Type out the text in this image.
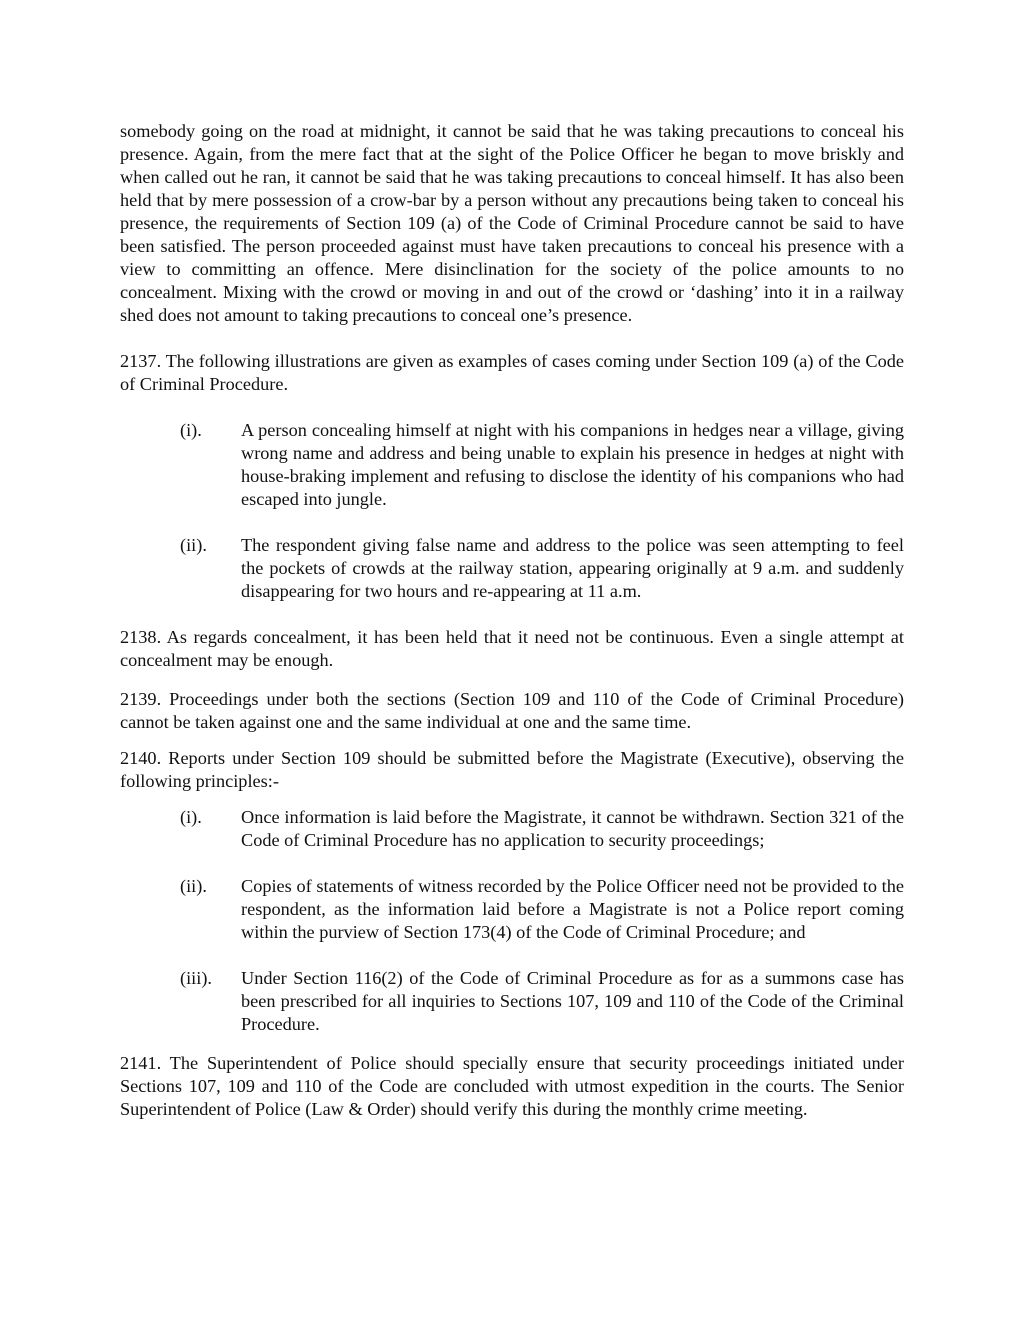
somebody going on the road at midnight, it cannot be said that he was taking precautions to conceal his presence. Again, from the mere fact that at the sight of the Police Officer he began to move briskly and when called out he ran, it cannot be said that he was taking precautions to conceal himself. It has also been held that by mere possession of a crow-bar by a person without any precautions being taken to conceal his presence, the requirements of Section 109 (a) of the Code of Criminal Procedure cannot be said to have been satisfied. The person proceeded against must have taken precautions to conceal his presence with a view to committing an offence. Mere disinclination for the society of the police amounts to no concealment. Mixing with the crowd or moving in and out of the crowd or ‘dashing’ into it in a railway shed does not amount to taking precautions to conceal one’s presence.

2137. The following illustrations are given as examples of cases coming under Section 109 (a) of the Code of Criminal Procedure.

(i).	A person concealing himself at night with his companions in hedges near a village, giving wrong name and address and being unable to explain his presence in hedges at night with house-braking implement and refusing to disclose the identity of his companions who had escaped into jungle.
(ii).	The respondent giving false name and address to the police was seen attempting to feel the pockets of crowds at the railway station, appearing originally at 9 a.m. and suddenly disappearing for two hours and re-appearing at 11 a.m.

2138. As regards concealment, it has been held that it need not be continuous. Even a single attempt at concealment may be enough.

2139. Proceedings under both the sections (Section 109 and 110 of the Code of Criminal Procedure) cannot be taken against one and the same individual at one and the same time.

2140. Reports under Section 109 should be submitted before the Magistrate (Executive), observing the following principles:-

(i).	Once information is laid before the Magistrate, it cannot be withdrawn. Section 321 of the Code of Criminal Procedure has no application to security proceedings;
(ii).	Copies of statements of witness recorded by the Police Officer need not be provided to the respondent, as the information laid before a Magistrate is not a Police report coming within the purview of Section 173(4) of the Code of Criminal Procedure; and
(iii).	Under Section 116(2) of the Code of Criminal Procedure as for as a summons case has been prescribed for all inquiries to Sections 107, 109 and 110 of the Code of the Criminal Procedure.

2141. The Superintendent of Police should specially ensure that security proceedings initiated under Sections 107, 109 and 110 of the Code are concluded with utmost expedition in the courts. The Senior Superintendent of Police (Law & Order) should verify this during the monthly crime meeting.
